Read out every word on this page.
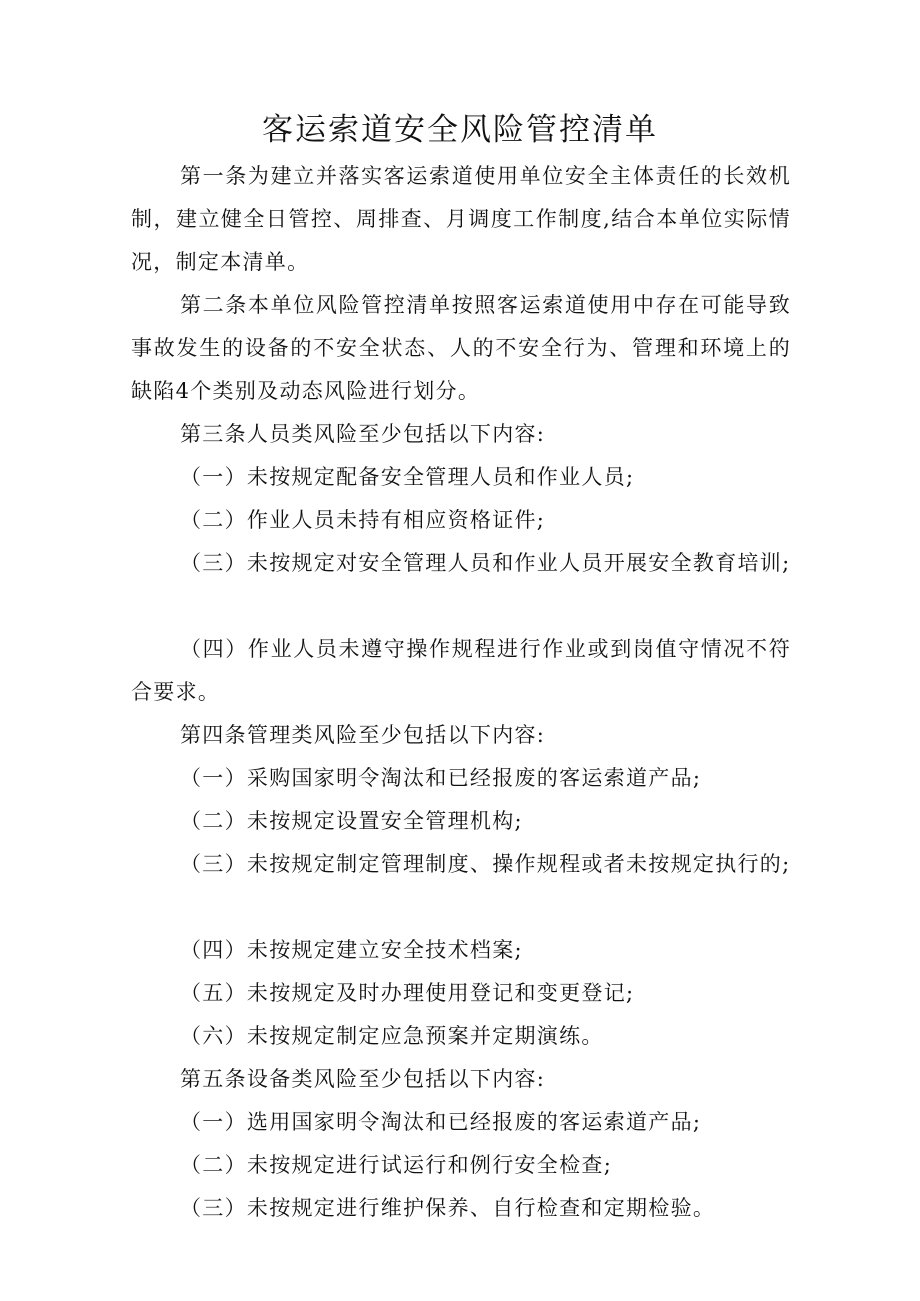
客运索道安全风险管控清单

第一条为建立并落实客运索道使用单位安全主体责任的长效机制，建立健全日管控、周排查、月调度工作制度,结合本单位实际情况，制定本清单。

第二条本单位风险管控清单按照客运索道使用中存在可能导致事故发生的设备的不安全状态、人的不安全行为、管理和环境上的缺陷4个类别及动态风险进行划分。

第三条人员类风险至少包括以下内容:

（一）未按规定配备安全管理人员和作业人员;

（二）作业人员未持有相应资格证件;

（三）未按规定对安全管理人员和作业人员开展安全教育培训;

（四）作业人员未遵守操作规程进行作业或到岗值守情况不符合要求。

第四条管理类风险至少包括以下内容:

（一）采购国家明令淘汰和已经报废的客运索道产品;

（二）未按规定设置安全管理机构;

（三）未按规定制定管理制度、操作规程或者未按规定执行的;

（四）未按规定建立安全技术档案;

（五）未按规定及时办理使用登记和变更登记;

（六）未按规定制定应急预案并定期演练。

第五条设备类风险至少包括以下内容:

（一）选用国家明令淘汰和已经报废的客运索道产品;

（二）未按规定进行试运行和例行安全检查;

（三）未按规定进行维护保养、自行检查和定期检验。
